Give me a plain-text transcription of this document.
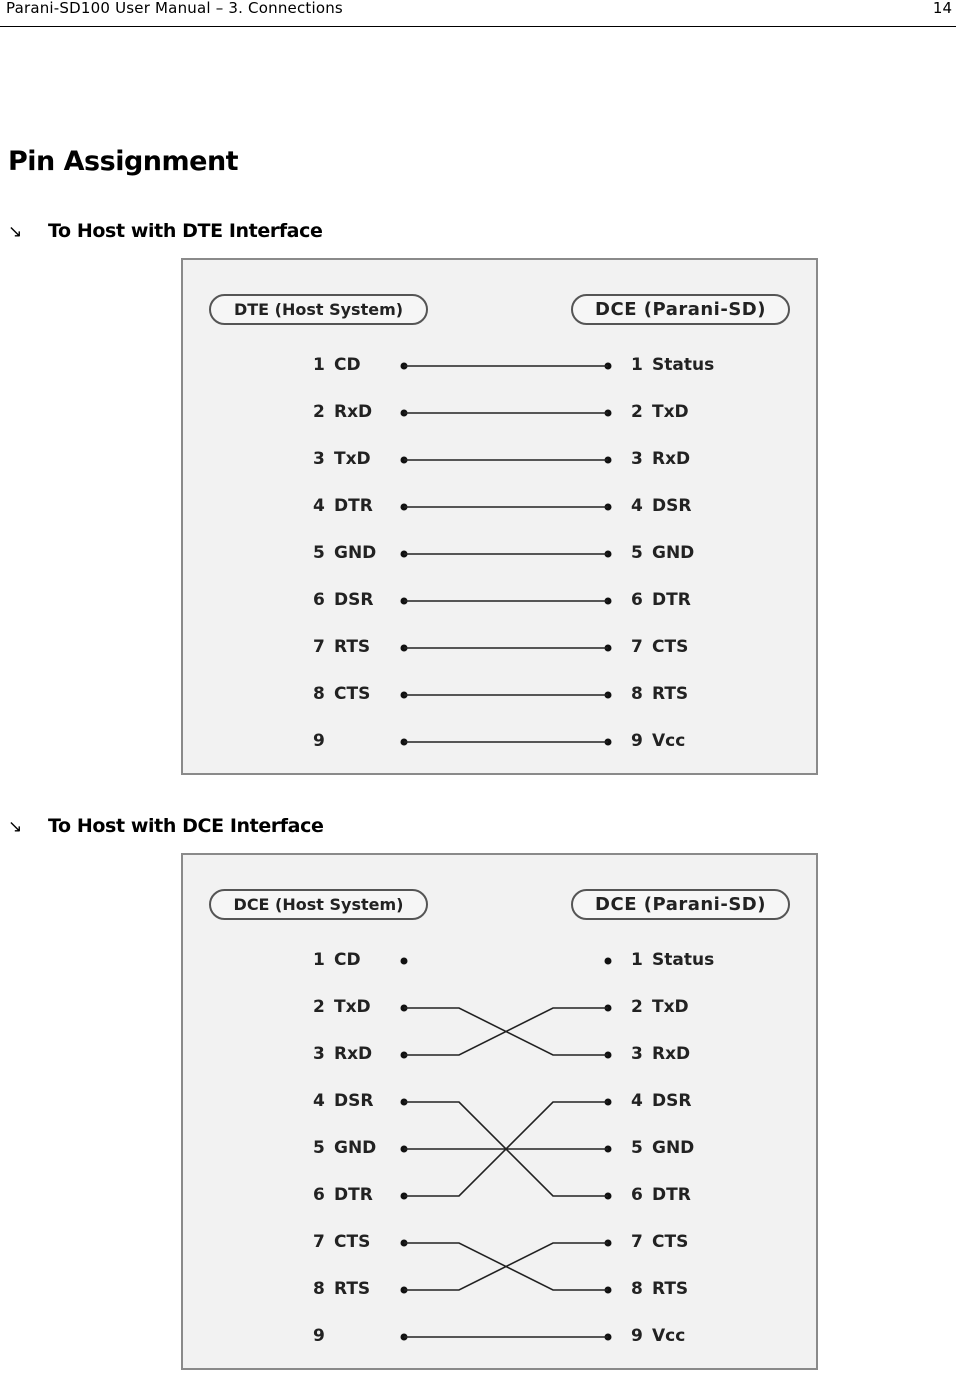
Parani-SD100 User Manual – 3. Connections	14
Pin Assignment
↘ To Host with DTE Interface
DTE (Host System)	DCE (Parani-SD)
1 CD
2 RxD
3 TxD
4 DTR
5 GND
6 DSR
7 RTS
8 CTS
9
1 Status
2 TxD
3 RxD
4 DSR
5 GND
6 DTR
7 CTS
8 RTS
9 Vcc
↘ To Host with DCE Interface
DCE (Host System)	DCE (Parani-SD)
1 CD
2 TxD
3 RxD
4 DSR
5 GND
6 DTR
7 CTS
8 RTS
9
1 Status
2 TxD
3 RxD
4 DSR
5 GND
6 DTR
7 CTS
8 RTS
9 Vcc
